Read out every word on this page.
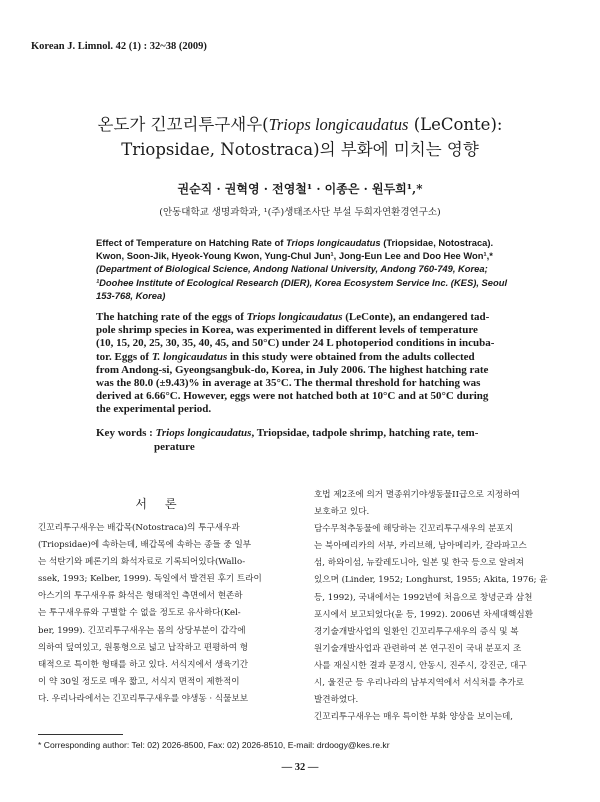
Korean J. Limnol. 42 (1) : 32~38 (2009)
온도가 긴꼬리투구새우(Triops longicaudatus (LeConte):
Triopsidae, Notostraca)의 부화에 미치는 영향
권순직 · 권혁영 · 전영철¹ · 이종은 · 원두희¹,*
(안동대학교 생명과학과, ¹(주)생태조사단 부설 두희자연환경연구소)
Effect of Temperature on Hatching Rate of Triops longicaudatus (Triopsidae, Notostraca).
Kwon, Soon-Jik, Hyeok-Young Kwon, Yung-Chul Jun¹, Jong-Eun Lee and Doo Hee Won¹,*
(Department of Biological Science, Andong National University, Andong 760-749, Korea;
¹Doohee Institute of Ecological Research (DIER), Korea Ecosystem Service Inc. (KES), Seoul
153-768, Korea)
The hatching rate of the eggs of Triops longicaudatus (LeConte), an endangered tad-
pole shrimp species in Korea, was experimented in different levels of temperature
(10, 15, 20, 25, 30, 35, 40, 45, and 50°C) under 24 L photoperiod conditions in incuba-
tor. Eggs of T. longicaudatus in this study were obtained from the adults collected
from Andong-si, Gyeongsangbuk-do, Korea, in July 2006. The highest hatching rate
was the 80.0 (±9.43)% in average at 35°C. The thermal threshold for hatching was
derived at 6.66°C. However, eggs were not hatched both at 10°C and at 50°C during
the experimental period.
Key words : Triops longicaudatus, Triopsidae, tadpole shrimp, hatching rate, tem-
perature
서론
긴꼬리투구새우는 배갑목(Notostraca)의 투구새우과
(Triopsidae)에 속하는데, 배갑목에 속하는 종들 중 일부
는 석탄기와 페론기의 화석자료로 기록되어있다(Wallo-
ssek, 1993; Kelber, 1999). 독일에서 발견된 후기 트라이
아스기의 투구새우류 화석은 형태적인 측면에서 현존하
는 투구새우류와 구별할 수 없을 정도로 유사하다(Kel-
ber, 1999). 긴꼬리투구새우는 몸의 상당부분이 갑각에
의하여 덮여있고, 원통형으로 넓고 납작하고 편평하여 형
태적으로 특이한 형태를 하고 있다. 서식지에서 생육기간
이 약 30일 정도로 매우 짧고, 서식지 면적이 제한적이
다. 우리나라에서는 긴꼬리투구새우를 야생동 · 식물보보
호법 제2조에 의거 멸종위기야생동물II급으로 지정하여
보호하고 있다.
담수무척추동물에 해당하는 긴꼬리투구새우의 분포지
는 북아메리카의 서부, 카리브해, 남아메리카, 갈라파고스
섬, 하와이섬, 뉴칼레도니아, 일본 및 한국 등으로 알려져
있으며 (Linder, 1952; Longhurst, 1955; Akita, 1976; 윤
등, 1992), 국내에서는 1992년에 처음으로 창녕군과 삼천
포시에서 보고되었다(윤 등, 1992). 2006년 차세대핵심환
경기술개발사업의 일환인 긴꼬리투구새우의 증식 및 복
원기술개발사업과 관련하여 본 연구진이 국내 분포지 조
사를 재실시한 결과 문경시, 안동시, 진주시, 강진군, 대구
시, 울진군 등 우리나라의 남부지역에서 서식처를 추가로
발견하였다.
긴꼬리투구새우는 매우 특이한 부화 양상을 보이는데,
* Corresponding author: Tel: 02) 2026-8500, Fax: 02) 2026-8510, E-mail: drdoogy@kes.re.kr
— 32 —
